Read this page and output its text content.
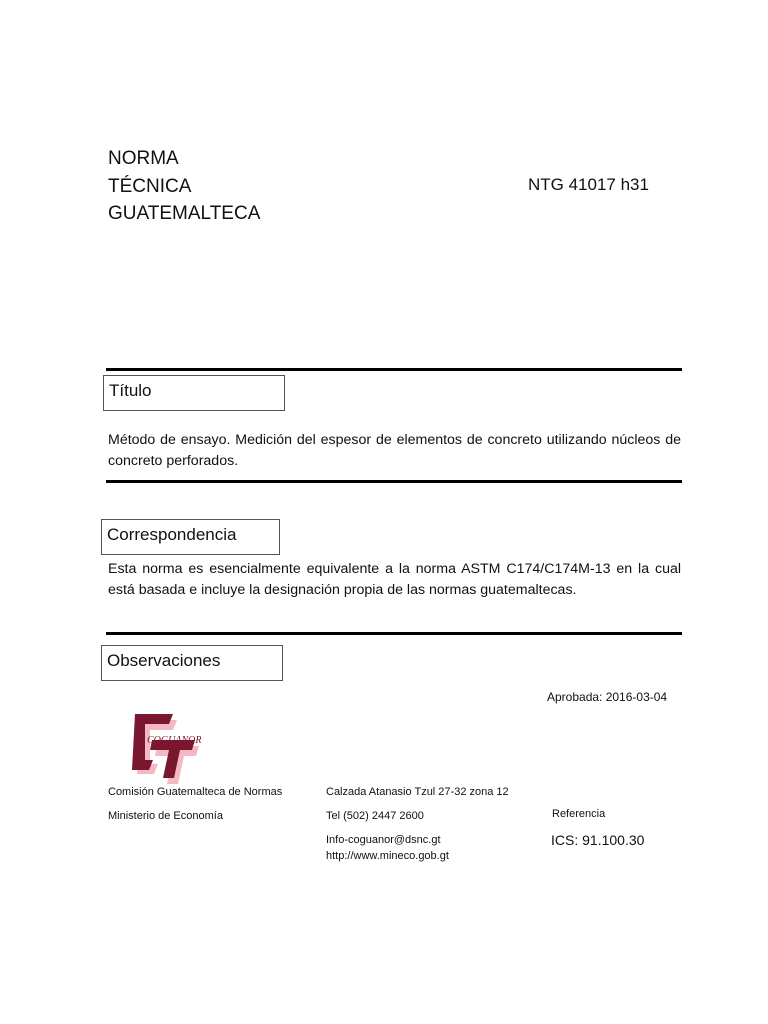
NORMA
TÉCNICA
GUATEMALTECA
NTG 41017 h31
Título
Método de ensayo. Medición del espesor de elementos de concreto utilizando núcleos de concreto perforados.
Correspondencia
Esta norma es esencialmente equivalente a la norma ASTM C174/C174M-13 en la cual está basada e incluye la designación propia de las normas guatemaltecas.
Observaciones
Aprobada: 2016-03-04
COGUANOR
Comisión Guatemalteca de Normas
Ministerio de Economía
Calzada Atanasio Tzul 27-32 zona 12
Tel (502) 2447 2600
Info-coguanor@dsnc.gt
http://www.mineco.gob.gt
Referencia
ICS: 91.100.30
